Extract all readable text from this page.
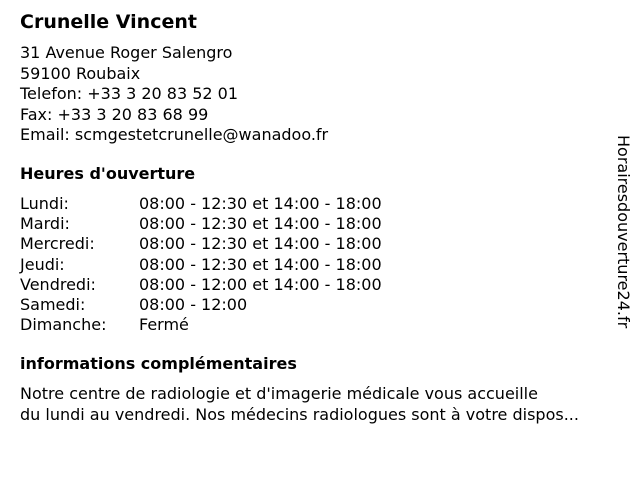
Crunelle Vincent
31 Avenue Roger Salengro
59100 Roubaix
Telefon: +33 3 20 83 52 01
Fax: +33 3 20 83 68 99
Email: scmgestetcrunelle@wanadoo.fr
Heures d'ouverture
Lundi:	08:00 - 12:30 et 14:00 - 18:00
Mardi:	08:00 - 12:30 et 14:00 - 18:00
Mercredi:	08:00 - 12:30 et 14:00 - 18:00
Jeudi:	08:00 - 12:30 et 14:00 - 18:00
Vendredi:	08:00 - 12:00 et 14:00 - 18:00
Samedi:	08:00 - 12:00
Dimanche:	Fermé
informations complémentaires
Notre centre de radiologie et d'imagerie médicale vous accueille
du lundi au vendredi. Nos médecins radiologues sont à votre dispos...
Horairesdouverture24.fr
